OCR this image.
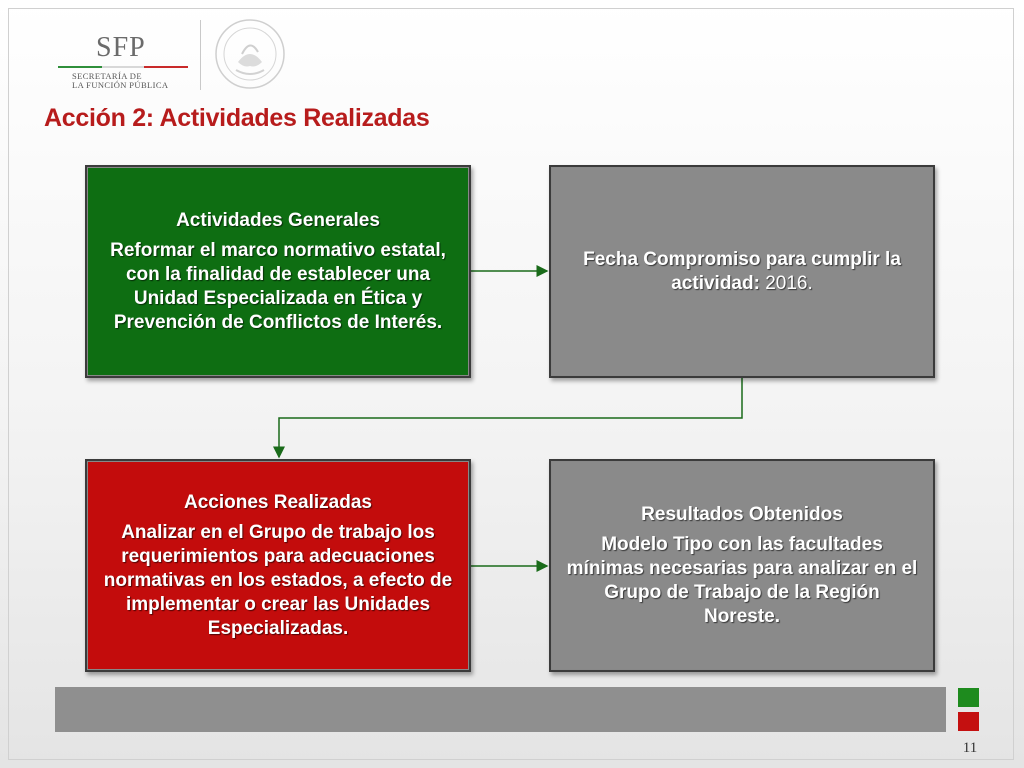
SFP
SECRETARÍA DE
LA FUNCIÓN PÚBLICA
Acción 2: Actividades Realizadas
Actividades Generales
Reformar el marco normativo estatal, con la finalidad de establecer una Unidad Especializada en Ética y Prevención de Conflictos de Interés.
Fecha Compromiso para cumplir la actividad: 2016.
Acciones Realizadas
Analizar en el Grupo de trabajo los requerimientos para adecuaciones normativas en los estados, a efecto de implementar o crear las Unidades Especializadas.
Resultados Obtenidos
Modelo Tipo con las facultades mínimas necesarias para analizar en el Grupo de Trabajo de la Región Noreste.
11
